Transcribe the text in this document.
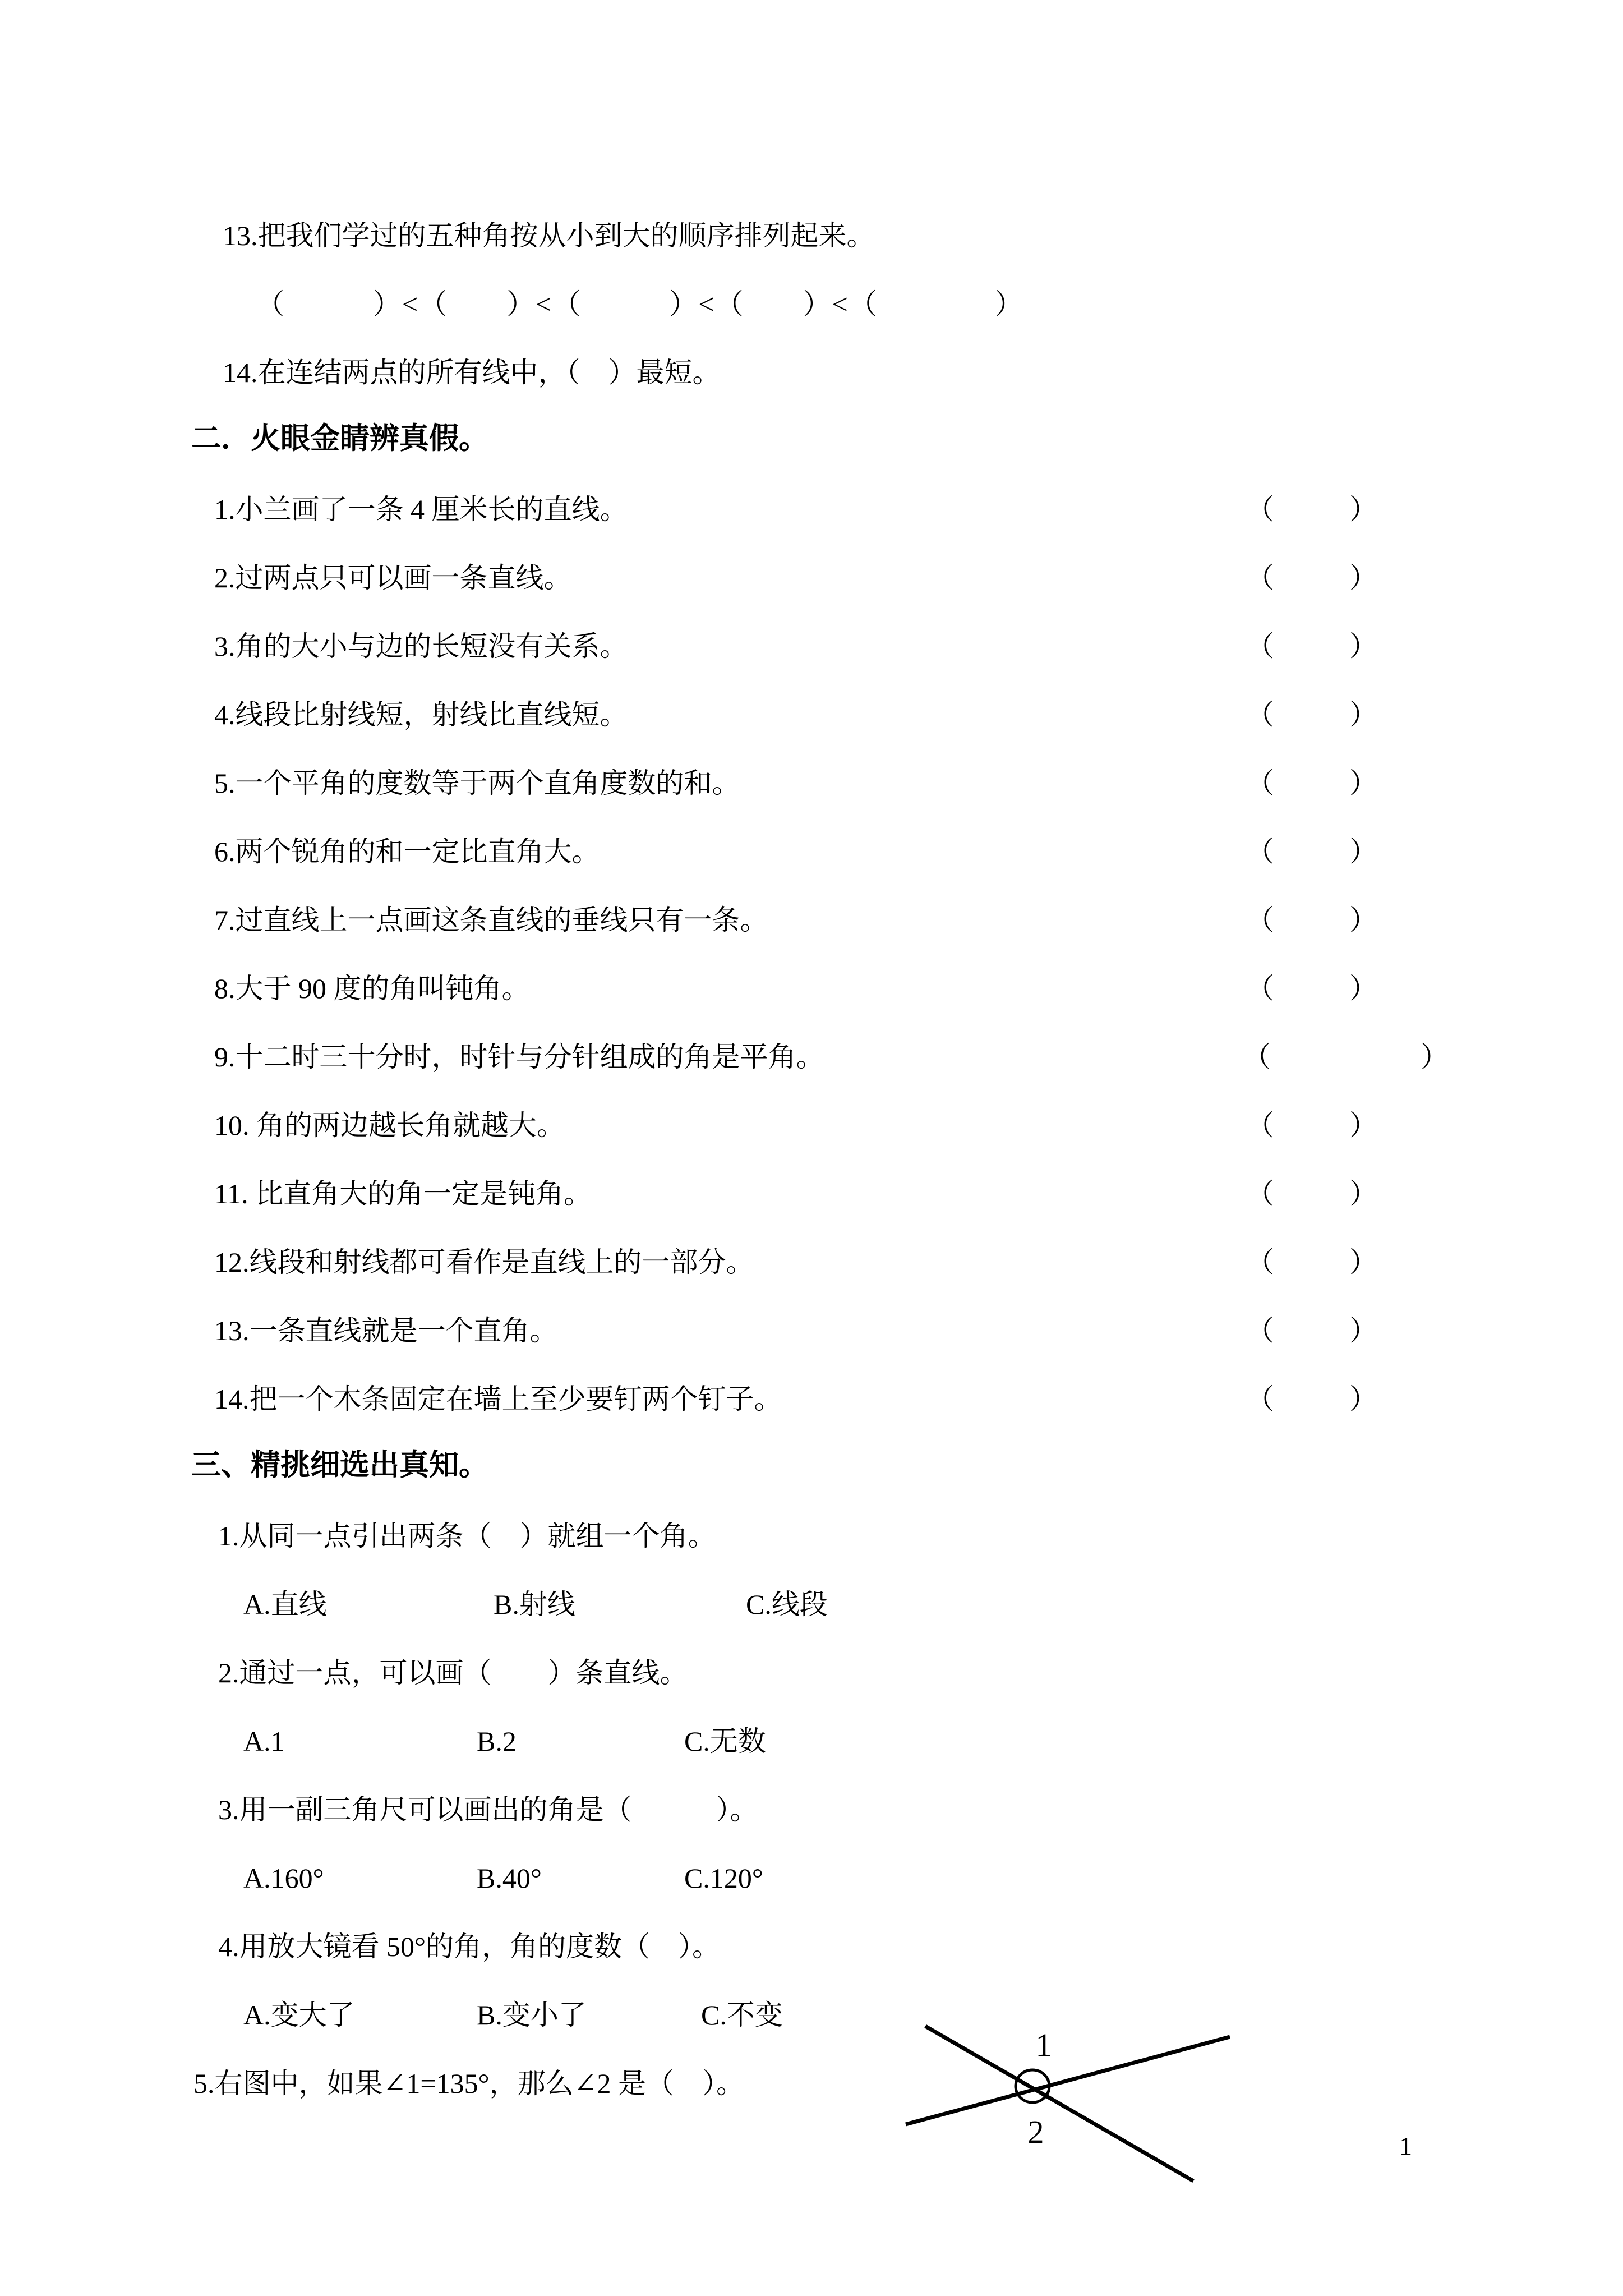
13.把我们学过的五种角按从小到大的顺序排列起来。
（　　　）<（　　）<（　　　）<（　　）<（　　　　）
14.在连结两点的所有线中，（　）最短。
二．火眼金睛辨真假。
1.小兰画了一条 4 厘米长的直线。	（	）
2.过两点只可以画一条直线。	（	）
3.角的大小与边的长短没有关系。	（	）
4.线段比射线短，射线比直线短。	（	）
5.一个平角的度数等于两个直角度数的和。	（	）
6.两个锐角的和一定比直角大。	（	）
7.过直线上一点画这条直线的垂线只有一条。	（	）
8.大于 90 度的角叫钝角。	（	）
9.十二时三十分时，时针与分针组成的角是平角。	（	）
10. 角的两边越长角就越大。	（	）
11. 比直角大的角一定是钝角。	（	）
12.线段和射线都可看作是直线上的一部分。	（	）
13.一条直线就是一个直角。	（	）
14.把一个木条固定在墙上至少要钉两个钉子。	（	）
三、精挑细选出真知。
1.从同一点引出两条（　）就组一个角。
A.直线	B.射线	C.线段
2.通过一点，可以画（　　）条直线。
A.1	B.2	C.无数
3.用一副三角尺可以画出的角是（　　　）。
A.160°	B.40°	C.120°
4.用放大镜看 50°的角，角的度数（　）。
A.变大了	B.变小了	C.不变
5.右图中，如果∠1=135°，那么∠2 是（　）。
1
2	1
